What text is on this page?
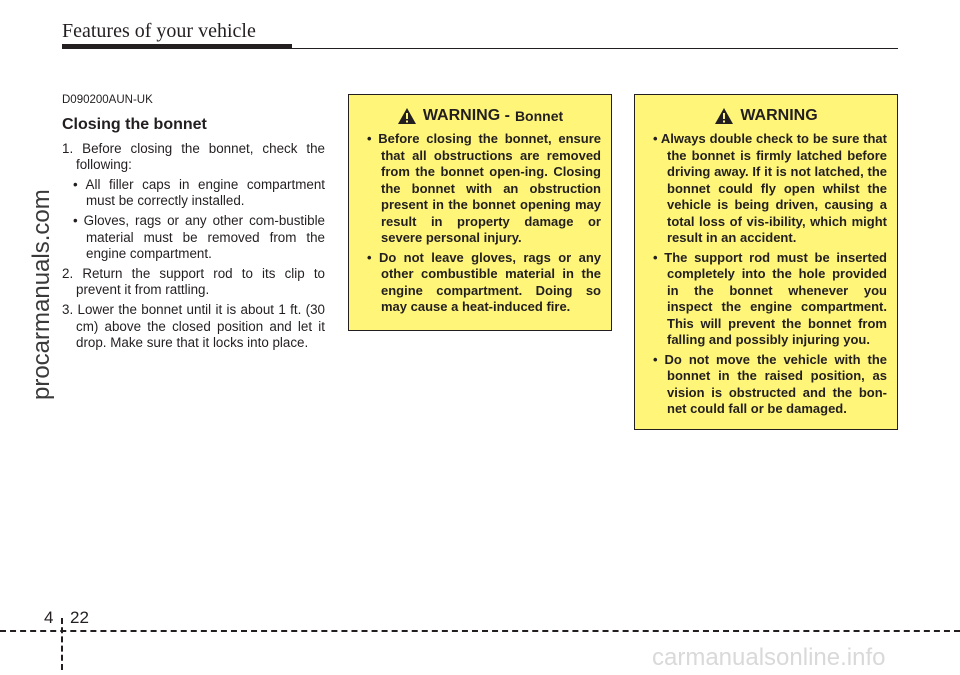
Features of your vehicle
procarmanuals.com
D090200AUN-UK
Closing the bonnet
1. Before closing the bonnet, check the following:
• All filler caps in engine compartment must be correctly installed.
• Gloves, rags or any other com-bustible material must be removed from the engine compartment.
2. Return the support rod to its clip to prevent it from rattling.
3. Lower the bonnet until it is about 1 ft. (30 cm) above the closed position and let it drop. Make sure that it locks into place.
WARNING - Bonnet
• Before closing the bonnet, ensure that all obstructions are removed from the bonnet open-ing. Closing the bonnet with an obstruction present in the bonnet opening may result in property damage or severe personal injury.
• Do not leave gloves, rags or any other combustible material in the engine compartment. Doing so may cause a heat-induced fire.
WARNING
• Always double check to be sure that the bonnet is firmly latched before driving away. If it is not latched, the bonnet could fly open whilst the vehicle is being driven, causing a total loss of vis-ibility, which might result in an accident.
• The support rod must be inserted completely into the hole provided in the bonnet whenever you inspect the engine compartment. This will prevent the bonnet from falling and possibly injuring you.
• Do not move the vehicle with the bonnet in the raised position, as vision is obstructed and the bon-net could fall or be damaged.
4 22
carmanualsonline.info
